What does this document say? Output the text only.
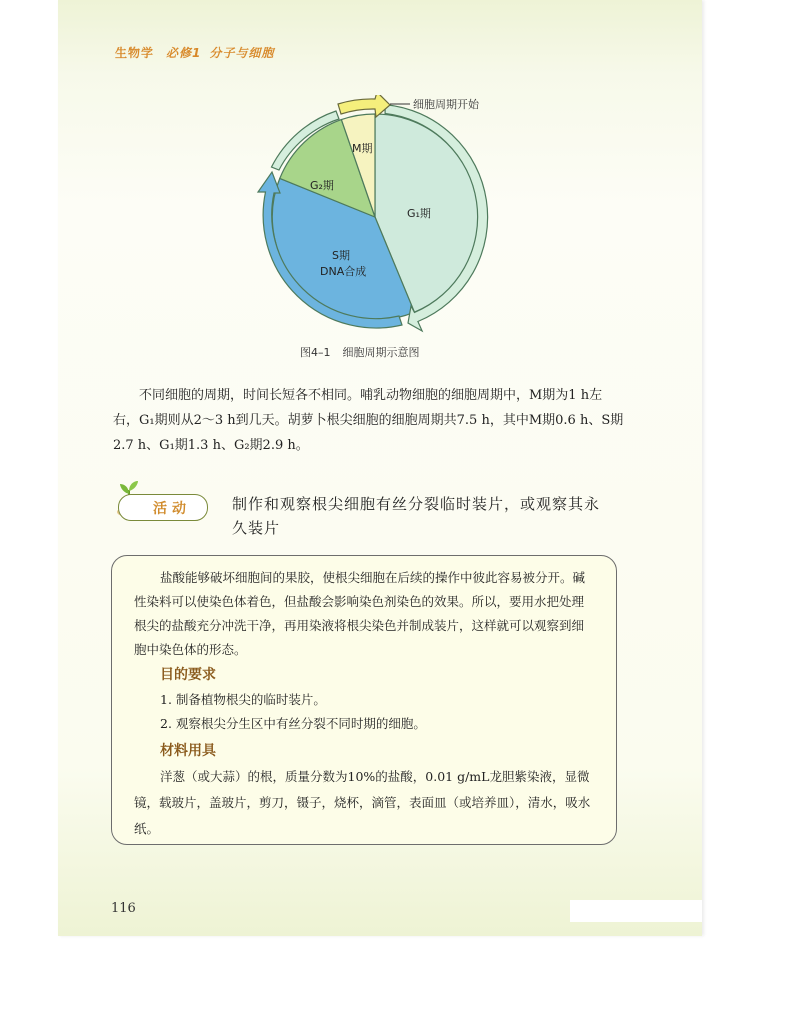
生物学 必修1 分子与细胞
细胞周期开始
M期
G₂期
G₁期
S期
DNA合成
图4–1 细胞周期示意图
不同细胞的周期，时间长短各不相同。哺乳动物细胞的细胞周期中，M期为1 h左右，G₁期则从2～3 h到几天。胡萝卜根尖细胞的细胞周期共7.5 h，其中M期0.6 h、S期2.7 h、G₁期1.3 h、G₂期2.9 h。
活动	制作和观察根尖细胞有丝分裂临时装片，或观察其永久装片
盐酸能够破坏细胞间的果胶，使根尖细胞在后续的操作中彼此容易被分开。碱性染料可以使染色体着色，但盐酸会影响染色剂染色的效果。所以，要用水把处理根尖的盐酸充分冲洗干净，再用染液将根尖染色并制成装片，这样就可以观察到细胞中染色体的形态。
目的要求
1. 制备植物根尖的临时装片。
2. 观察根尖分生区中有丝分裂不同时期的细胞。
材料用具
洋葱（或大蒜）的根，质量分数为10%的盐酸，0.01 g/mL龙胆紫染液，显微镜，载玻片，盖玻片，剪刀，镊子，烧杯，滴管，表面皿（或培养皿），清水，吸水纸。
116
